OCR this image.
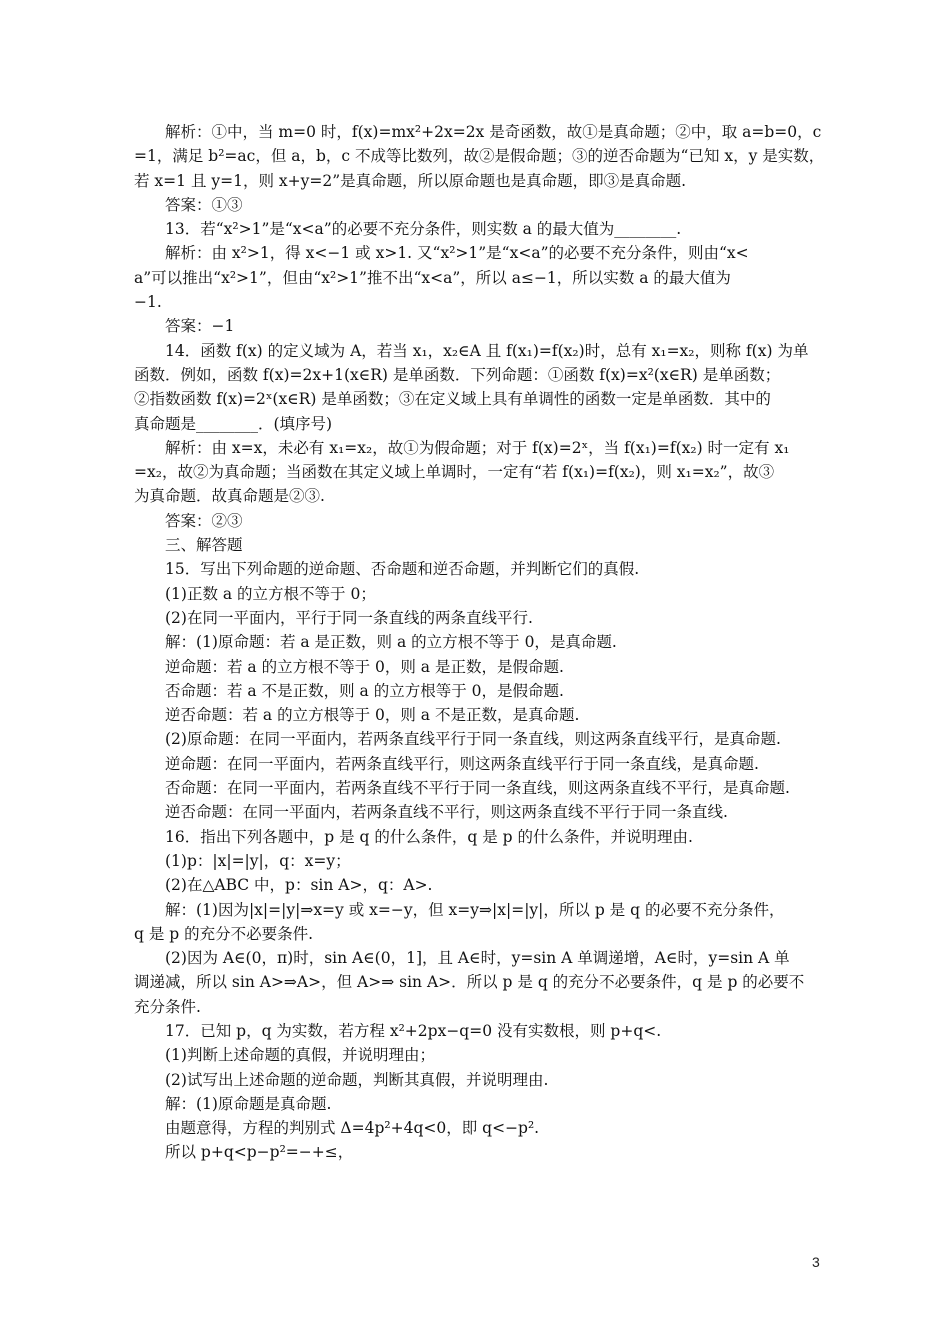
解析：①中，当 m=0 时，f(x)=mx²+2x=2x 是奇函数，故①是真命题；②中，取 a=b=0，c
=1，满足 b²=ac，但 a，b，c 不成等比数列，故②是假命题；③的逆否命题为“已知 x，y 是实数，
若 x=1 且 y=1，则 x+y=2”是真命题，所以原命题也是真命题，即③是真命题.
答案：①③
13．若“x²>1”是“x<a”的必要不充分条件，则实数 a 的最大值为________.
解析：由 x²>1，得 x<−1 或 x>1. 又“x²>1”是“x<a”的必要不充分条件，则由“x<
a”可以推出“x²>1”，但由“x²>1”推不出“x<a”，所以 a≤−1，所以实数 a 的最大值为
−1.
答案：−1
14．函数 f(x) 的定义域为 A，若当 x₁，x₂∈A 且 f(x₁)=f(x₂)时，总有 x₁=x₂，则称 f(x) 为单
函数．例如，函数 f(x)=2x+1(x∈R) 是单函数．下列命题：①函数 f(x)=x²(x∈R) 是单函数；
②指数函数 f(x)=2ˣ(x∈R) 是单函数；③在定义域上具有单调性的函数一定是单函数．其中的
真命题是________．(填序号)
解析：由 x=x，未必有 x₁=x₂，故①为假命题；对于 f(x)=2ˣ，当 f(x₁)=f(x₂) 时一定有 x₁
=x₂，故②为真命题；当函数在其定义域上单调时，一定有“若 f(x₁)=f(x₂)，则 x₁=x₂”，故③
为真命题．故真命题是②③.
答案：②③
三、解答题
15．写出下列命题的逆命题、否命题和逆否命题，并判断它们的真假.
(1)正数 a 的立方根不等于 0；
(2)在同一平面内，平行于同一条直线的两条直线平行.
解：(1)原命题：若 a 是正数，则 a 的立方根不等于 0，是真命题.
逆命题：若 a 的立方根不等于 0，则 a 是正数，是假命题.
否命题：若 a 不是正数，则 a 的立方根等于 0，是假命题.
逆否命题：若 a 的立方根等于 0，则 a 不是正数，是真命题.
(2)原命题：在同一平面内，若两条直线平行于同一条直线，则这两条直线平行，是真命题.
逆命题：在同一平面内，若两条直线平行，则这两条直线平行于同一条直线，是真命题.
否命题：在同一平面内，若两条直线不平行于同一条直线，则这两条直线不平行，是真命题.
逆否命题：在同一平面内，若两条直线不平行，则这两条直线不平行于同一条直线.
16．指出下列各题中，p 是 q 的什么条件，q 是 p 的什么条件，并说明理由.
(1)p：|x|=|y|，q：x=y；
(2)在△ABC 中，p：sin A>，q：A>.
解：(1)因为|x|=|y|⇒x=y 或 x=−y，但 x=y⇒|x|=|y|，所以 p 是 q 的必要不充分条件，
q 是 p 的充分不必要条件.
(2)因为 A∈(0，π)时，sin A∈(0，1]，且 A∈时，y=sin A 单调递增，A∈时，y=sin A 单
调递减，所以 sin A>⇒A>，但 A>⇒ sin A>．所以 p 是 q 的充分不必要条件，q 是 p 的必要不
充分条件.
17．已知 p，q 为实数，若方程 x²+2px−q=0 没有实数根，则 p+q<.
(1)判断上述命题的真假，并说明理由；
(2)试写出上述命题的逆命题，判断其真假，并说明理由.
解：(1)原命题是真命题.
由题意得，方程的判别式 Δ=4p²+4q<0，即 q<−p².
所以 p+q<p−p²=−+≤，
3
